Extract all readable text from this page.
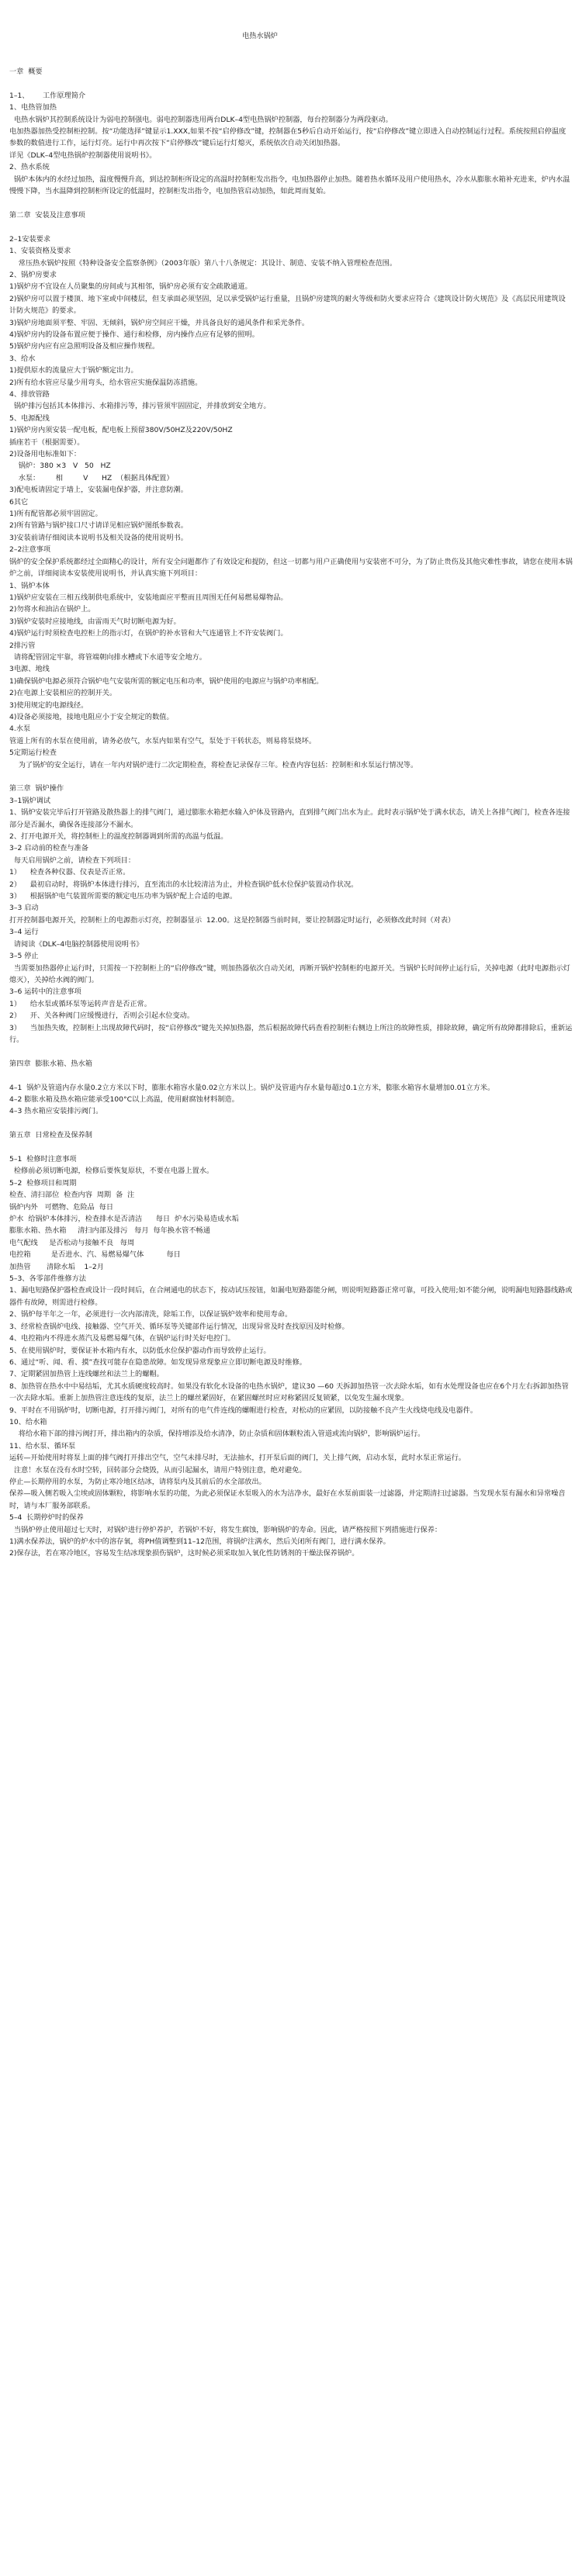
电热水锅炉

一章  概要

1–1、      工作原理简介
1、电热管加热
电热水锅炉其控制系统设计为弱电控制强电。弱电控制器选用两台DLK–4型电热锅炉控制器，每台控制器分为两段驱动。
电加热器加热受控制柜控制。按“功能选择”键显示1.XXX,如果不按“启停修改”键，控制器在5秒后自动开始运行，按“启停修改”键立即进入自动控制运行过程。系统按照启停温度参数的数值进行工作，运行灯亮。运行中再次按下“启停修改”键后运行灯熄灭，系统依次自动关闭加热器。
详见《DLK–4型电热锅炉控制器使用说明书》。
2、热水系统
锅炉本体内的水经过加热，温度慢慢升高，到达控制柜所设定的高温时控制柜发出指令，电加热器停止加热。随着热水循环及用户使用热水，冷水从膨胀水箱补充进来，炉内水温慢慢下降，当水温降到控制柜所设定的低温时，控制柜发出指令，电加热管启动加热，如此周而复始。

第二章  安装及注意事项

2–1安装要求
1、安装资格及要求
常压热水锅炉按照《特种设备安全监察条例》（2003年版）第八十八条规定：其设计、制造、安装不纳入管理检查范围。
2、锅炉房要求
1)锅炉房不宜设在人员聚集的房间或与其相邻，锅炉房必须有安全疏散通道。
2)锅炉房可以置于楼顶、地下室或中间楼层，但支承面必须坚固，足以承受锅炉运行重量，且锅炉房建筑的耐火等级和防火要求应符合《建筑设计防火规范》及《高层民用建筑设计防火规范》的要求。
3)锅炉房地面须平整、牢固、无倾斜，锅炉房空间应干燥，并具备良好的通风条件和采光条件。
4)锅炉房内的设备布置应便于操作、通行和检修，房内操作点应有足够的照明。
5)锅炉房内应有应急照明设备及相应操作规程。
3、给水
1)提供原水的流量应大于锅炉额定出力。
2)所有给水管应尽量少用弯头，给水管应实施保温防冻措施。
4、排放管路
锅炉排污包括其本体排污、水箱排污等，排污管须牢固固定，并排放到安全地方。
5、电源配线
1)锅炉房内须安装一配电板，配电板上预留380V/50HZ及220V/50HZ
插座若干（根据需要）。
2)设备用电标准如下：
锅炉：380 ×3   V   50   HZ
水泵：       相         V      HZ  （根据具体配置）
3)配电板请固定于墙上，安装漏电保护器，并注意防潮。
6其它
1)所有配管都必须牢固固定。
2)所有管路与锅炉接口尺寸请详见相应锅炉图纸参数表。
3)安装前请仔细阅读本说明书及相关设备的使用说明书。
2–2注意事项
锅炉的安全保护系统都经过全面精心的设计，所有安全问题都作了有效设定和提防，但这一切都与用户正确使用与安装密不可分，为了防止贵伤及其他灾难性事故，请您在使用本锅炉之前，详细阅读本安装使用说明书，并认真实施下列项目：
1、锅炉本体
1)锅炉应安装在三相五线制供电系统中，安装地面应平整而且周围无任何易燃易爆物品。
2)勿将水和油沾在锅炉上。
3)锅炉安装时应接地线，由雷雨天气时切断电源为好。
4)锅炉运行时须检查电控柜上的指示灯，在锅炉的补水管和大气连通管上不许安装阀门。
2排污管
请将配管固定牢靠，将管端朝向排水槽或下水道等安全地方。
3电源、地线
1)确保锅炉电源必须符合锅炉电气安装所需的额定电压和功率，锅炉使用的电源应与锅炉功率相配。
2)在电源上安装相应的控制开关。
3)使用规定的电源线径。
4)设备必须接地，接地电阻应小于安全规定的数值。
4.水泵
管道上所有的水泵在使用前，请务必放气，水泵内如果有空气，泵处于干转状态，则易将泵烧坏。
5定期运行检查
为了锅炉的安全运行，请在一年内对锅炉进行二次定期检查，将检查记录保存三年。检查内容包括：控制柜和水泵运行情况等。

第三章  锅炉操作
3–1锅炉调试
1、锅炉安装完毕后打开管路及散热器上的排气阀门，通过膨胀水箱把水输入炉体及管路内，直到排气阀门出水为止。此时表示锅炉处于满水状态，请关上各排气阀门，检查各连接部分是否漏水，确保各连接部分不漏水。
2、打开电源开关，将控制柜上的温度控制器调到所需的高温与低温。
3–2 启动前的检查与准备
每天启用锅炉之前，请检查下列项目：
1）    检查各种仪器、仪表是否正常。
2）    最初启动时，将锅炉本体进行排污，直至流出的水比较清洁为止，并检查锅炉低水位保护装置动作状况。
3）    根据锅炉电气装置所需要的额定电压功率为锅炉配上合适的电源。
3–3 启动
打开控制器电源开关，控制柜上的电源指示灯亮，控制器显示  12.00。这是控制器当前时间，要让控制器定时运行，必须修改此时间（对表）
3–4 运行
请阅读《DLK–4电脑控制器使用说明书》
3–5 停止
当需要加热器停止运行时，只需按一下控制柜上的“启停修改”键，则加热器依次自动关闭，再断开锅炉控制柜的电源开关。当锅炉长时间停止运行后，关掉电源（此时电源指示灯熄灭），关掉给水阀的阀门。
3–6 运转中的注意事项
1）    给水泵或循环泵等运转声音是否正常。
2）    开、关各种阀门应缓慢进行，否则会引起水位变动。
3）    当加热失败，控制柜上出现故障代码时，按“启停修改”键先关掉加热器，然后根据故障代码查看控制柜右侧边上所注的故障性质，排除故障，确定所有故障都排除后，重新运行。

第四章  膨胀水箱、热水箱

4–1  锅炉及管道内存水量0.2立方米以下时，膨胀水箱容水量0.02立方米以上。锅炉及管道内存水量每超过0.1立方米，膨胀水箱容水量增加0.01立方米。
4–2 膨胀水箱及热水箱应能承受100°C以上高温，使用耐腐蚀材料制造。
4–3 热水箱应安装排污阀门。

第五章  日常检查及保养制

5–1  检修时注意事项
检修前必须切断电源，检修后要恢复原状，不要在电器上置水。
5–2  检修项目和周期
检查、清扫部位  检查内容  周期  备  注
锅炉内外   可燃物、危险品  每日
炉水  给锅炉本体排污，检查排水是否清洁      每日  炉水污染易造成水垢
膨胀水箱、热水箱     清扫内部及排污   每月  每年换水管不畅通
电气配线     是否松动与接触不良   每周
电控箱         是否进水、汽、易燃易爆气体          每日
加热管       清除水垢    1–2月
5–3、各零部件维修方法
1、漏电短路保护器检查或设计一段时间后，在合闸通电的状态下，按动试压按钮，如漏电短路器能分闸，则说明短路器正常可靠，可投入使用;如不能分闸，说明漏电短路器线路或器件有故障，则需进行检修。
2、锅炉每半年之一年，必须进行一次内部清洗，除垢工作，以保证锅炉效率和使用寿命。
3、经常检查锅炉电线、接触器、空气开关、循环泵等关键部件运行情况，出现异常及时查找原因及时检修。
4、电控箱内不得进水蒸汽及易燃易爆气体，在锅炉运行时关好电控门。
5、在使用锅炉时，要保证补水箱内有水，以防低水位保护器动作而导致停止运行。
6、通过“听、闻、看、摸”查找可能存在隐患故障。如发现异常现象应立即切断电源及时维修。
7、定期紧固加热管上连线螺丝和法兰上的螺帽。
8、加热管在热水中中易结垢，尤其水质硬度较高时。如果没有软化水设备的电热水锅炉，建议30 —60 天拆卸加热管一次去除水垢，如有水处理设备也应在6个月左右拆卸加热管一次去除水垢。重新上加热管注意连线的复原，法兰上的螺丝紧固好，在紧固螺丝时应对称紧固反复锁紧，以免发生漏水现象。
9、平时在不用锅炉时，切断电源，打开排污阀门，对所有的电气件连线的螺帽进行检查，对松动的应紧固，以防接触不良产生火线烧电线及电器件。
10、给水箱
将给水箱下部的排污阀打开，排出箱内的杂质，保持增添及给水清净，防止杂质和固体颗粒流入管道或流向锅炉，影响锅炉运行。
11、给水泵、循环泵
运转—开始使用时将泵上面的排气阀打开排出空气，空气未排尽时，无法抽水，打开泵后面的阀门，关上排气阀，启动水泵，此时水泵正常运行。
注意！水泵在没有水时空转，回转部分会烧毁，从而引起漏水，请用户特别注意，绝对避免。
停止—长期停用的水泵，为防止寒冷地区结冰，请将泵内及其前后的水全部放出。
保养—吸入侧若吸入尘埃或固体颗粒，将影响水泵的功能，为此必须保证水泵吸入的水为洁净水，最好在水泵前面装一过滤器，并定期清扫过滤器。当发现水泵有漏水和异常噪音时，请与本厂服务部联系。
5–4  长期停炉时的保养
当锅炉停止使用超过七天时，对锅炉进行停炉养护，若锅炉不好，将发生腐蚀，影响锅炉的寿命。因此，请严格按照下列措施进行保养：
1)满水保养法，锅炉的炉水中的溶存氧，将PH值调整到11–12范围，将锅炉注满水，然后关闭所有阀门，进行满水保养。
2)保存法，若在寒冷地区，容易发生结冰现象损伤锅炉，这时候必须采取加入氧化性防锈剂的干燥法保养锅炉。
